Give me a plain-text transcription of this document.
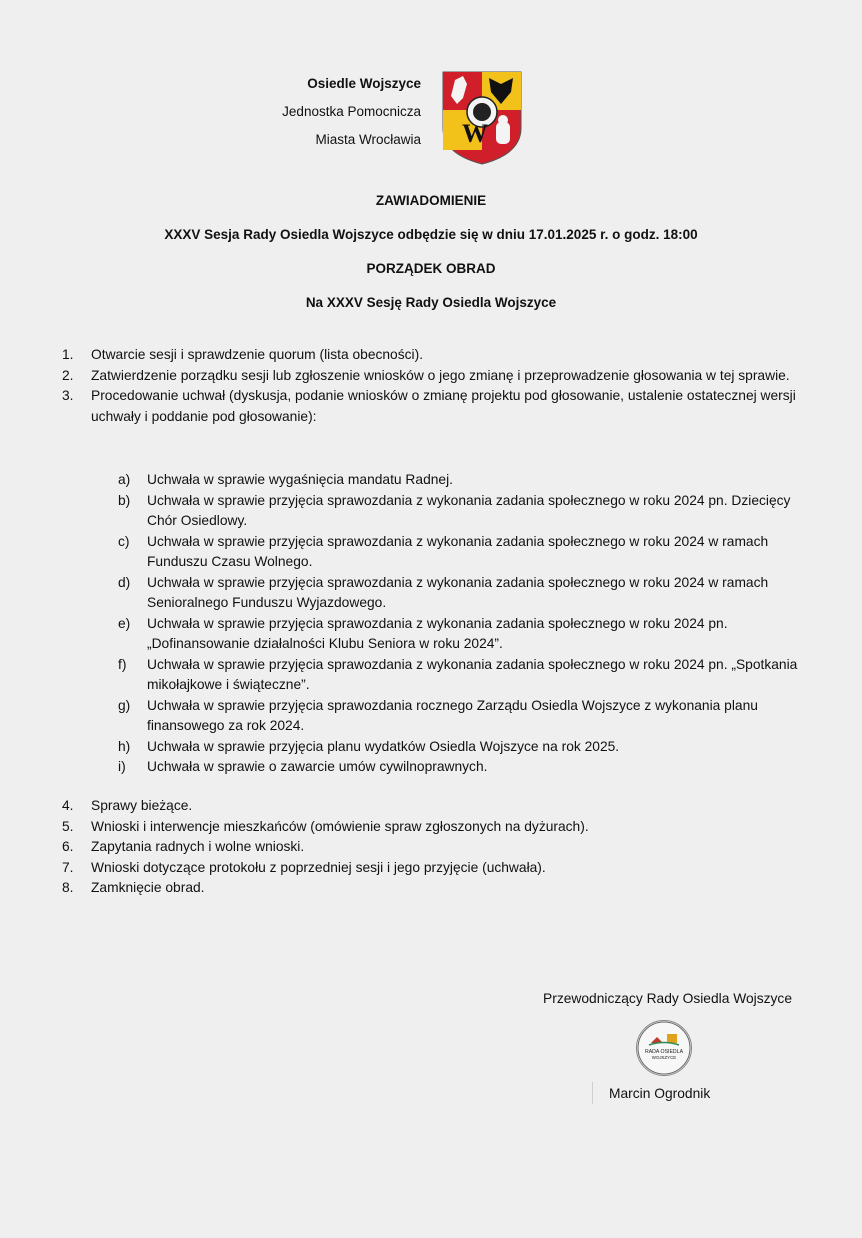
Osiedle Wojszyce
Jednostka Pomocnicza
Miasta Wrocławia W
ZAWIADOMIENIE
XXXV Sesja Rady Osiedla Wojszyce odbędzie się w dniu 17.01.2025 r. o godz. 18:00
PORZĄDEK OBRAD
Na XXXV Sesję Rady Osiedla Wojszyce
1.	Otwarcie sesji i sprawdzenie quorum (lista obecności).
2.	Zatwierdzenie porządku sesji lub zgłoszenie wniosków o jego zmianę i przeprowadzenie głosowania w tej sprawie.
3.	Procedowanie uchwał (dyskusja, podanie wniosków o zmianę projektu pod głosowanie, ustalenie ostatecznej wersji uchwały i poddanie pod głosowanie):
a)	Uchwała w sprawie wygaśnięcia mandatu Radnej.
b)	Uchwała w sprawie przyjęcia sprawozdania z wykonania zadania społecznego w roku 2024 pn. Dziecięcy Chór Osiedlowy.
c)	Uchwała w sprawie przyjęcia sprawozdania z wykonania zadania społecznego w roku 2024 w ramach Funduszu Czasu Wolnego.
d)	Uchwała w sprawie przyjęcia sprawozdania z wykonania zadania społecznego w roku 2024 w ramach Senioralnego Funduszu Wyjazdowego.
e)	Uchwała w sprawie przyjęcia sprawozdania z wykonania zadania społecznego w roku 2024 pn. „Dofinansowanie działalności Klubu Seniora w roku 2024”.
f)	Uchwała w sprawie przyjęcia sprawozdania z wykonania zadania społecznego w roku 2024 pn. „Spotkania mikołajkowe i świąteczne”.
g)	Uchwała w sprawie przyjęcia sprawozdania rocznego Zarządu Osiedla Wojszyce z wykonania planu finansowego za rok 2024.
h)	Uchwała w sprawie przyjęcia planu wydatków Osiedla Wojszyce na rok 2025.
i)	Uchwała w sprawie o zawarcie umów cywilnoprawnych.
4.	Sprawy bieżące.
5.	Wnioski i interwencje mieszkańców (omówienie spraw zgłoszonych na dyżurach).
6.	Zapytania radnych i wolne wnioski.
7.	Wnioski dotyczące protokołu z poprzedniej sesji i jego przyjęcie (uchwała).
8.	Zamknięcie obrad.
Przewodniczący Rady Osiedla Wojszyce
RADA OSIEDLA
WOJSZYCE
Marcin Ogrodnik
